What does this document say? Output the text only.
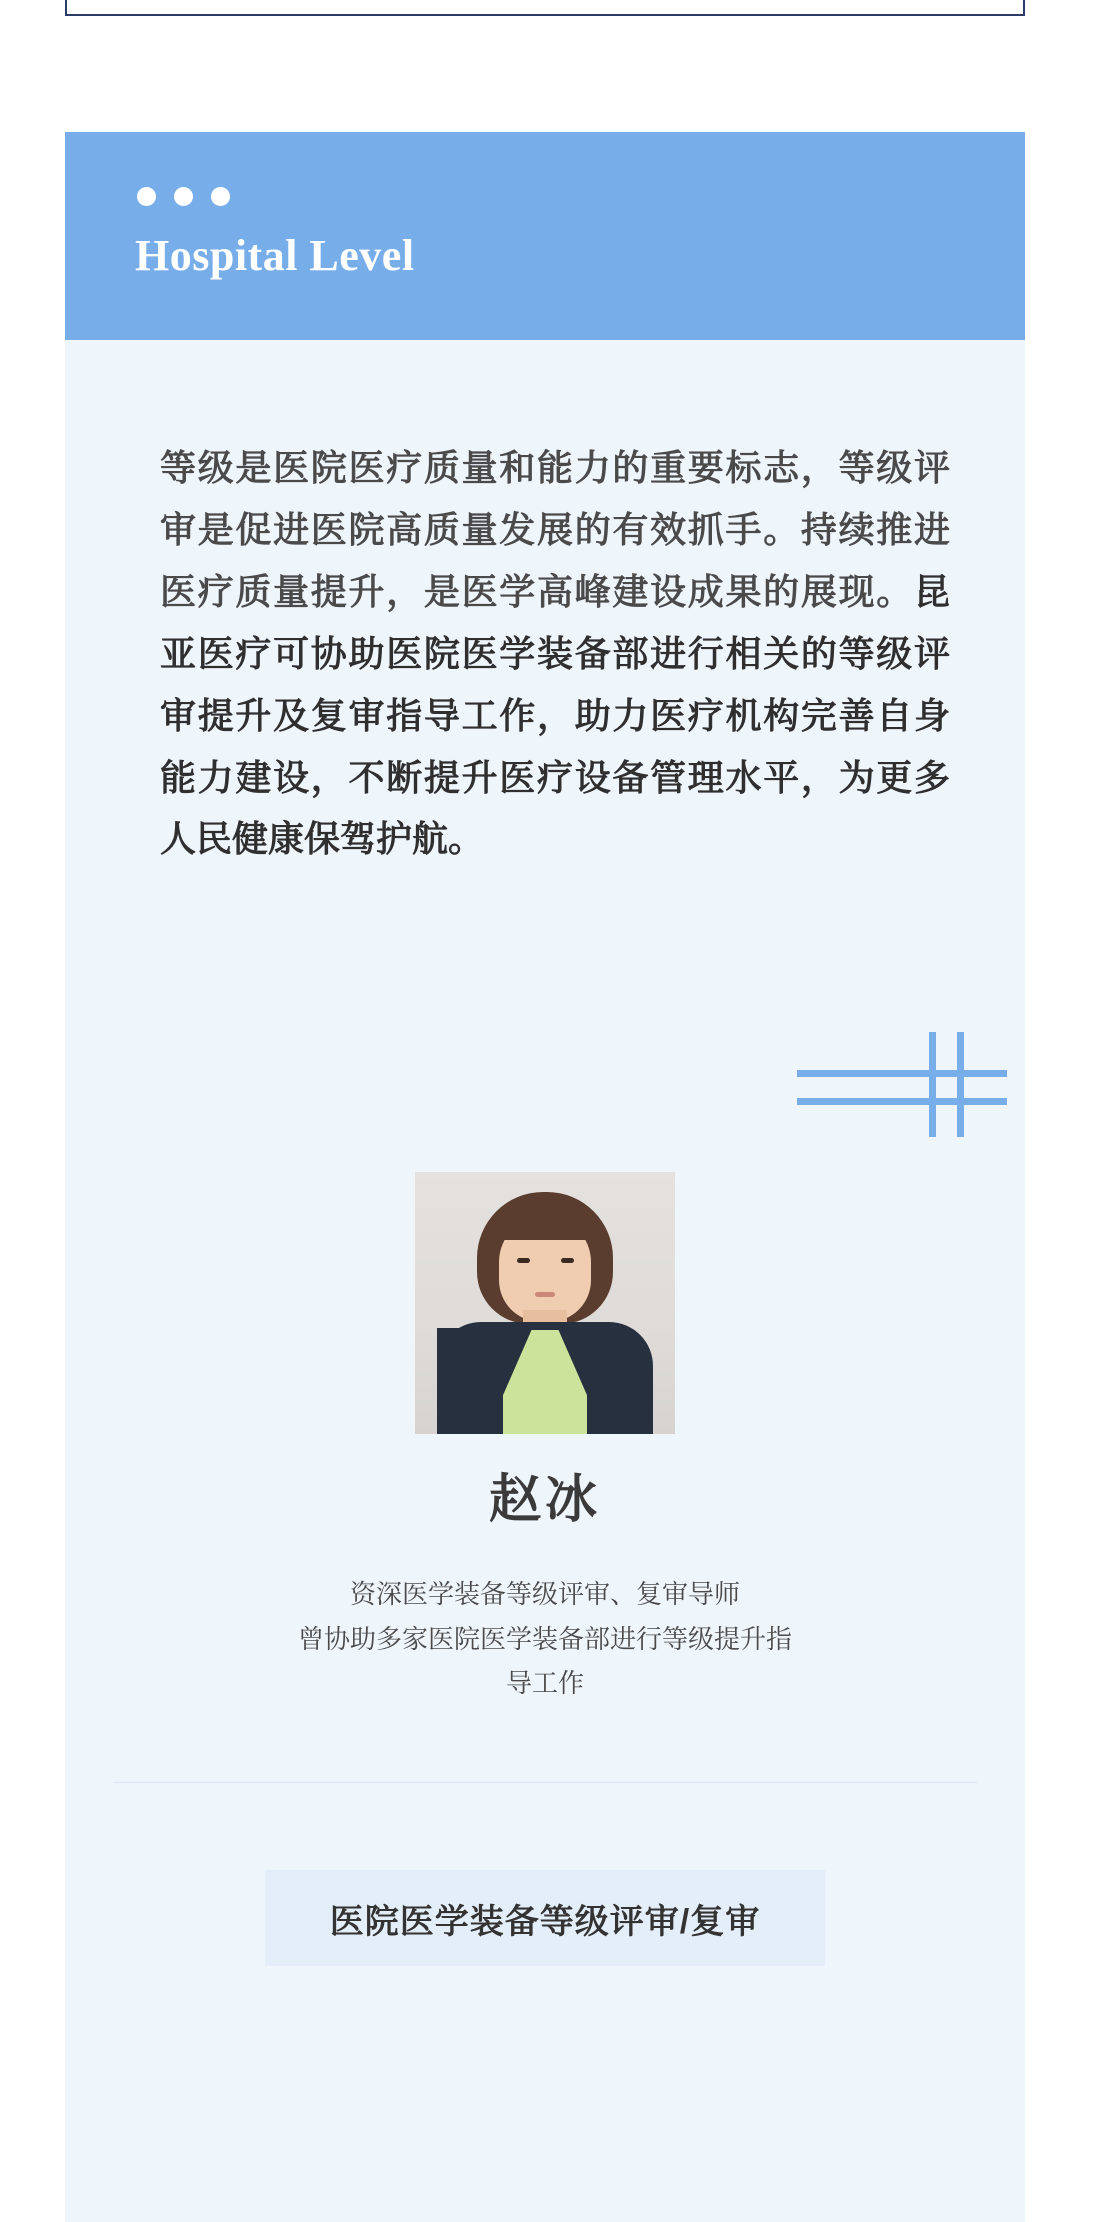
Hospital Level
等级是医院医疗质量和能力的重要标志，等级评审是促进医院高质量发展的有效抓手。持续推进医疗质量提升，是医学高峰建设成果的展现。昆亚医疗可协助医院医学装备部进行相关的等级评审提升及复审指导工作，助力医疗机构完善自身能力建设，不断提升医疗设备管理水平，为更多人民健康保驾护航。
赵冰
资深医学装备等级评审、复审导师
曾协助多家医院医学装备部进行等级提升指
导工作
医院医学装备等级评审/复审
